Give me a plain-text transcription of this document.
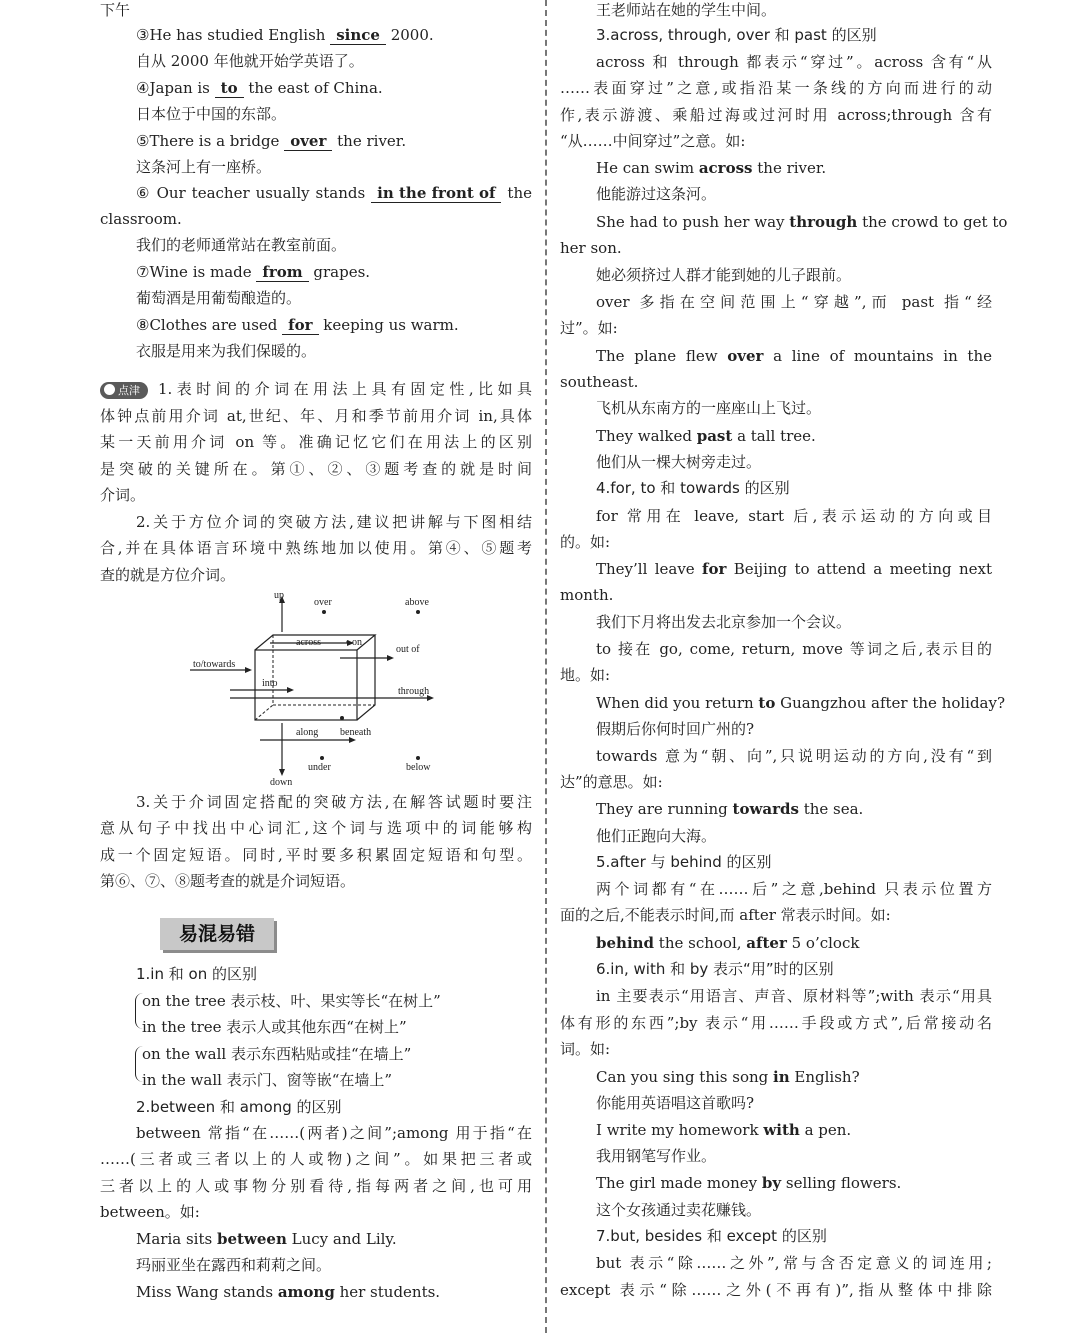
下午
③He has studied English since 2000.
自从 2000 年他就开始学英语了。
④Japan is to the east of China.
日本位于中国的东部。
⑤There is a bridge over the river.
这条河上有一座桥。
⑥ Our teacher usually stands in the front of the
classroom.
我们的老师通常站在教室前面。
⑦Wine is made from grapes.
葡萄酒是用葡萄酿造的。
⑧Clothes are used for keeping us warm.
衣服是用来为我们保暖的。
点津 1.表时间的介词在用法上具有固定性,比如具
体钟点前用介词 at,世纪、年、月和季节前用介词 in,具体
某一天前用介词 on 等。准确记忆它们在用法上的区别
是突破的关键所在。第①、②、③题考查的就是时间
介词。
2.关于方位介词的突破方法,建议把讲解与下图相结
合,并在具体语言环境中熟练地加以使用。第④、⑤题考
查的就是方位介词。
3.关于介词固定搭配的突破方法,在解答试题时要注
意从句子中找出中心词汇,这个词与选项中的词能够构
成一个固定短语。同时,平时要多积累固定短语和句型。
第⑥、⑦、⑧题考查的就是介词短语。
1.in 和 on 的区别
on the tree 表示枝、叶、果实等长“在树上”
in the tree 表示人或其他东西“在树上”
on the wall 表示东西粘贴或挂“在墙上”
in the wall 表示门、窗等嵌“在墙上”
2.between 和 among 的区别
between 常指“在……(两者)之间”;among 用于指“在
……(三者或三者以上的人或物)之间”。如果把三者或
三者以上的人或事物分别看待,指每两者之间,也可用
between。如:
Maria sits between Lucy and Lily.
玛丽亚坐在露西和莉莉之间。
Miss Wang stands among her students.
易混易错
up
over	above
across	on
out of
to/towards
into
through
along beneath
under	below
down
王老师站在她的学生中间。
3.across, through, over 和 past 的区别
across 和 through 都表示“穿过”。across 含有“从
……表面穿过”之意,或指沿某一条线的方向而进行的动
作,表示游渡、乘船过海或过河时用 across;through 含有
“从……中间穿过”之意。如:
He can swim across the river.
他能游过这条河。
She had to push her way through the crowd to get to
her son.
她必须挤过人群才能到她的儿子跟前。
over 多指在空间范围上“穿越”,而 past 指“经
过”。如:
The plane flew over a line of mountains in the
southeast.
飞机从东南方的一座座山上飞过。
They walked past a tall tree.
他们从一棵大树旁走过。
4.for, to 和 towards 的区别
for 常用在 leave, start 后,表示运动的方向或目
的。如:
They’ll leave for Beijing to attend a meeting next
month.
我们下月将出发去北京参加一个会议。
to 接在 go, come, return, move 等词之后,表示目的
地。如:
When did you return to Guangzhou after the holiday?
假期后你何时回广州的?
towards 意为“朝、向”,只说明运动的方向,没有“到
达”的意思。如:
They are running towards the sea.
他们正跑向大海。
5.after 与 behind 的区别
两个词都有“在……后”之意,behind 只表示位置方
面的之后,不能表示时间,而 after 常表示时间。如:
behind the school, after 5 o’clock
6.in, with 和 by 表示“用”时的区别
in 主要表示“用语言、声音、原材料等”;with 表示“用具
体有形的东西”;by 表示“用……手段或方式”,后常接动名
词。如:
Can you sing this song in English?
你能用英语唱这首歌吗?
I write my homework with a pen.
我用钢笔写作业。
The girl made money by selling flowers.
这个女孩通过卖花赚钱。
7.but, besides 和 except 的区别
but 表示“除……之外”,常与含否定意义的词连用;
except 表示“除……之外(不再有)”,指从整体中排除
